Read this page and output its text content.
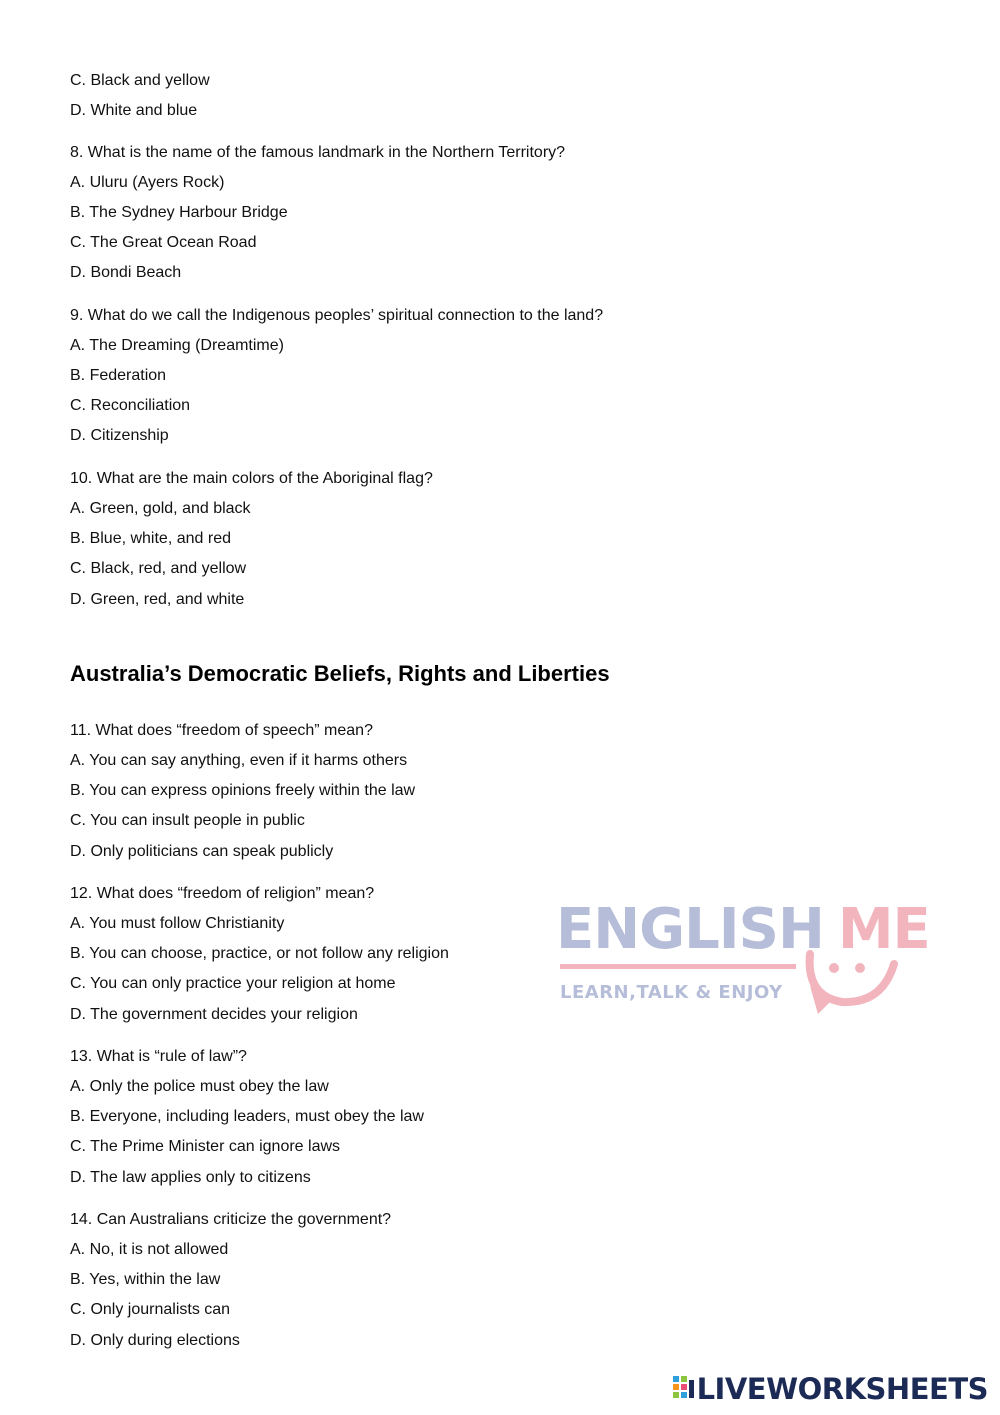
C. Black and yellow

D. White and blue

8. What is the name of the famous landmark in the Northern Territory?

A. Uluru (Ayers Rock)

B. The Sydney Harbour Bridge

C. The Great Ocean Road

D. Bondi Beach

9. What do we call the Indigenous peoples’ spiritual connection to the land?

A. The Dreaming (Dreamtime)

B. Federation

C. Reconciliation

D. Citizenship

10. What are the main colors of the Aboriginal flag?

A. Green, gold, and black

B. Blue, white, and red

C. Black, red, and yellow

D. Green, red, and white

Australia’s Democratic Beliefs, Rights and Liberties

11. What does “freedom of speech” mean?

A. You can say anything, even if it harms others

B. You can express opinions freely within the law

C. You can insult people in public

D. Only politicians can speak publicly

12. What does “freedom of religion” mean?

A. You must follow Christianity

B. You can choose, practice, or not follow any religion

C. You can only practice your religion at home

D. The government decides your religion

13. What is “rule of law”?

A. Only the police must obey the law

B. Everyone, including leaders, must obey the law

C. The Prime Minister can ignore laws

D. The law applies only to citizens

14. Can Australians criticize the government?

A. No, it is not allowed

B. Yes, within the law

C. Only journalists can

D. Only during elections

ENGLISH ME
LEARN,TALK & ENJOY
LIVEWORKSHEETS
